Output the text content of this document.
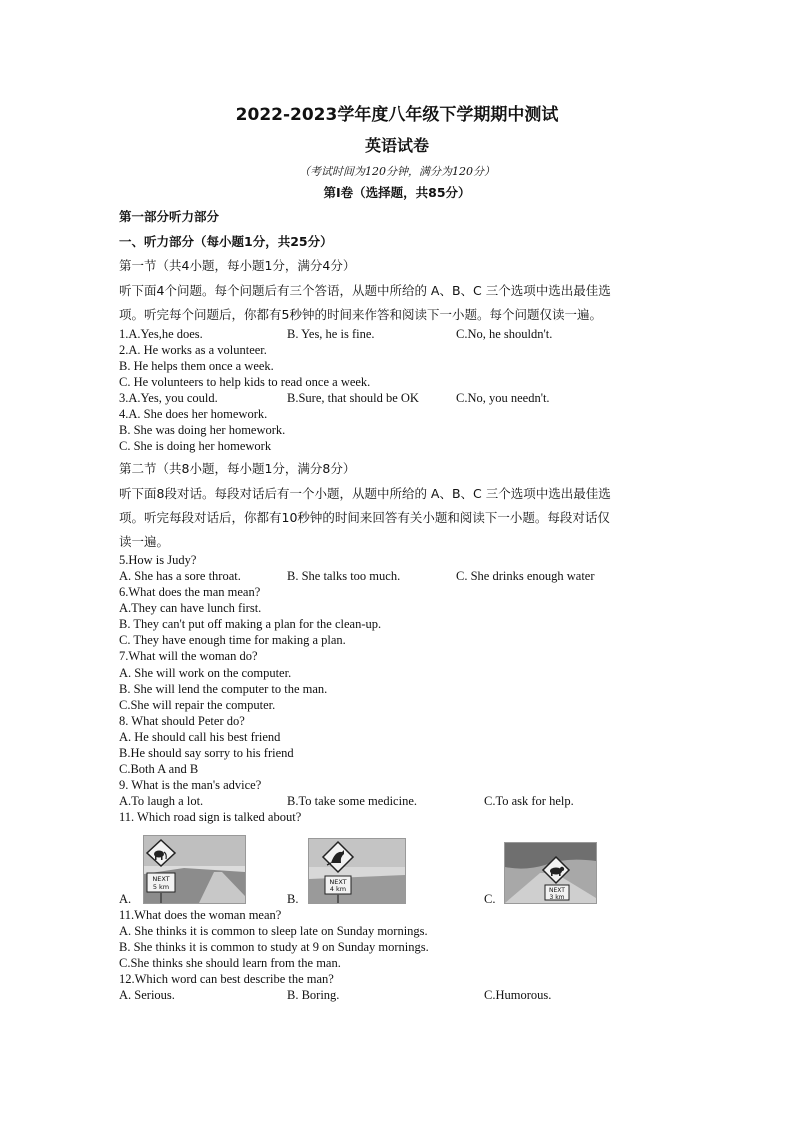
2022-2023学年度八年级下学期期中测试
英语试卷
（考试时间为120分钟，满分为120分）
第Ⅰ卷（选择题，共85分）
第一部分听力部分
一、听力部分（每小题1分，共25分）
第一节（共4小题，每小题1分，满分4分）
听下面4个问题。每个问题后有三个答语，从题中所给的 A、B、C 三个选项中选出最佳选
项。听完每个问题后，你都有5秒钟的时间来作答和阅读下一小题。每个问题仅读一遍。
1.A.Yes,he does.	B. Yes, he is fine.	C.No, he shouldn't.
2.A. He works as a volunteer.
B. He helps them once a week.
C. He volunteers to help kids to read once a week.
3.A.Yes, you could.	B.Sure, that should be OK	C.No, you needn't.
4.A. She does her homework.
B. She was doing her homework.
C. She is doing her homework
第二节（共8小题，每小题1分，满分8分）
听下面8段对话。每段对话后有一个小题，从题中所给的 A、B、C 三个选项中选出最佳选
项。听完每段对话后，你都有10秒钟的时间来回答有关小题和阅读下一小题。每段对话仅
读一遍。
5.How is Judy?
A. She has a sore throat.	B. She talks too much.	C. She drinks enough water
6.What does the man mean?
A.They can have lunch first.
B. They can't put off making a plan for the clean-up.
C. They have enough time for making a plan.
7.What will the woman do?
A. She will work on the computer.
B. She will lend the computer to the man.
C.She will repair the computer.
8. What should Peter do?
A. He should call his best friend
B.He should say sorry to his friend
C.Both A and B
9. What is the man's advice?
A.To laugh a lot.	B.To take some medicine.	C.To ask for help.
11. Which road sign is talked about?
A.
NEXT
5 km
B.
NEXT
4 km
C.
NEXT
3 km
11.What does the woman mean?
A. She thinks it is common to sleep late on Sunday mornings.
B. She thinks it is common to study at 9 on Sunday mornings.
C.She thinks she should learn from the man.
12.Which word can best describe the man?
A. Serious.	B. Boring.	C.Humorous.
